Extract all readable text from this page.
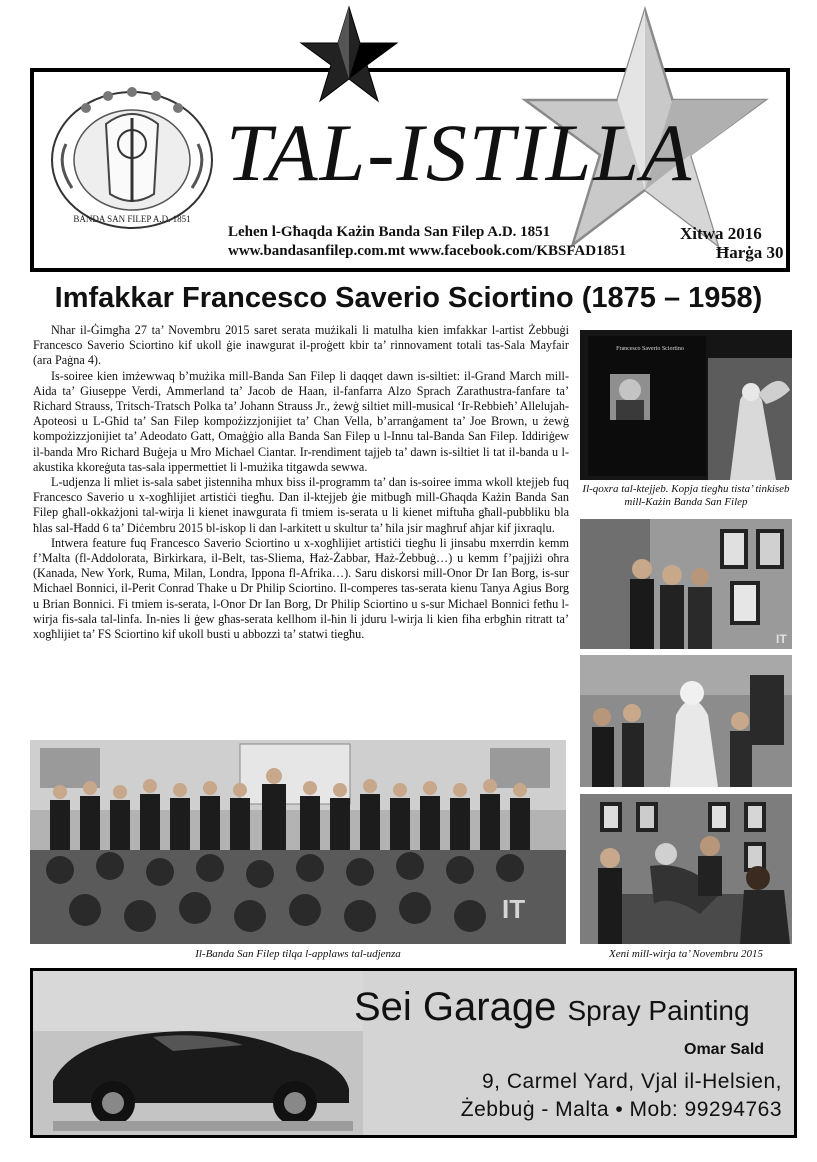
BANDA SAN FILEP A.D. 1851
TAL-ISTILLA
Lehen l-Għaqda Każin Banda San Filep A.D. 1851
www.bandasanfilep.com.mt www.facebook.com/KBSFAD1851
Xitwa 2016
Ħarġa 30
Imfakkar Francesco Saverio Sciortino (1875 – 1958)

Nhar il-Ġimgħa 27 ta’ Novembru 2015 saret serata mużikali li matulha kien imfakkar l-artist Żebbuġi Francesco Saverio Sciortino kif ukoll ġie inawgurat il-proġett kbir ta’ rinnovament totali tas-Sala Mayfair (ara Paġna 4).

Is-soiree kien imżewwaq b’mużika mill-Banda San Filep li daqqet dawn is-siltiet: il-Grand March mill-Aida ta’ Giuseppe Verdi, Ammerland ta’ Jacob de Haan, il-fanfarra Alzo Sprach Zarathustra-fanfare ta’ Richard Strauss, Tritsch-Tratsch Polka ta’ Johann Strauss Jr., żewġ siltiet mill-musical ‘Ir-Rebbieħ’ Allelujah-Apoteosi u L-Għid ta’ San Filep kompożizzjonijiet ta’ Chan Vella, b’arranġament ta’ Joe Brown, u żewġ kompożizzjonijiet ta’ Adeodato Gatt, Omaġġio alla Banda San Filep u l-Innu tal-Banda San Filep. Iddiriġew il-banda Mro Richard Buġeja u Mro Michael Ciantar. Ir-rendiment tajjeb ta’ dawn is-siltiet li tat il-banda u l-akustika kkoreġuta tas-sala ippermettiet li l-mużika titgawda sewwa.

L-udjenza li mliet is-sala sabet jistenniha mhux biss il-programm ta’ dan is-soiree imma wkoll ktejjeb fuq Francesco Saverio u x-xogħlijiet artistiċi tiegħu. Dan il-ktejjeb ġie mitbugħ mill-Għaqda Każin Banda San Filep għall-okkażjoni tal-wirja li kienet inawgurata fi tmiem is-serata u li kienet miftuħa għall-pubbliku bla ħlas sal-Ħadd 6 ta’ Diċembru 2015 bl-iskop li dan l-arkitett u skultur ta’ ħila jsir magħruf aħjar kif jixraqlu.

Intwera feature fuq Francesco Saverio Sciortino u x-xogħlijiet artistiċi tiegħu li jinsabu mxerrdin kemm f’Malta (fl-Addolorata, Birkirkara, il-Belt, tas-Sliema, Ħaż-Żabbar, Ħaż-Żebbuġ…) u kemm f’pajjiżi oħra (Kanada, New York, Ruma, Milan, Londra, Ippona fl-Afrika…). Saru diskorsi mill-Onor Dr Ian Borg, is-sur Michael Bonnici, il-Perit Conrad Thake u Dr Philip Sciortino. Il-comperes tas-serata kienu Tanya Agius Borg u Brian Bonnici. Fi tmiem is-serata, l-Onor Dr Ian Borg, Dr Philip Sciortino u s-sur Michael Bonnici fetħu l-wirja fis-sala tal-linfa. In-nies li ġew għas-serata kellhom il-ħin li jduru l-wirja li kien fiha erbgħin ritratt ta’ xogħlijiet ta’ FS Sciortino kif ukoll busti u abbozzi ta’ statwi tiegħu.

Francesco Saverio Sciortino
Il-qoxra tal-ktejjeb. Kopja tiegħu tista’ tinkiseb mill-Każin Banda San Filep
IT
Xeni mill-wirja ta’ Novembru 2015
IT
Il-Banda San Filep tilqa l-applaws tal-udjenza
Sei Garage Spray Painting
Omar Sald
9, Carmel Yard, Vjal il-Helsien,
Żebbuġ - Malta • Mob: 99294763
